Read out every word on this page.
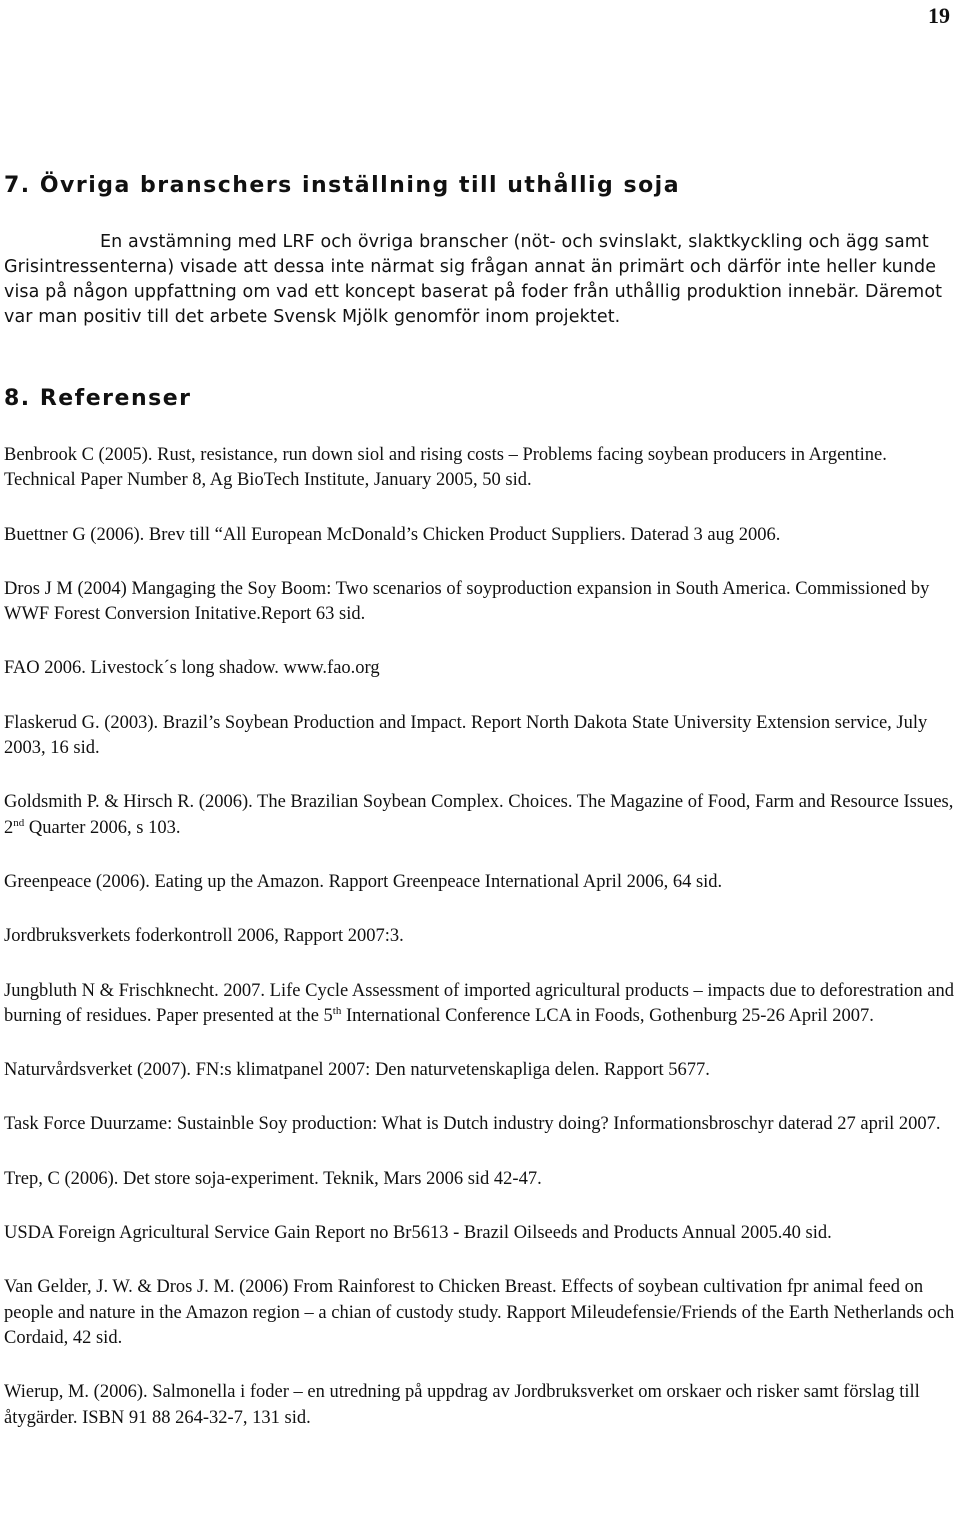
19
7. Övriga branschers inställning till uthållig soja

En avstämning med LRF och övriga branscher (nöt- och svinslakt, slaktkyckling och ägg samt Grisintressenterna) visade att dessa inte närmat sig frågan annat än primärt och därför inte heller kunde visa på någon uppfattning om vad ett koncept baserat på foder från uthållig produktion innebär. Däremot var man positiv till det arbete Svensk Mjölk genomför inom projektet.

8. Referenser
Benbrook C (2005). Rust, resistance, run down siol and rising costs – Problems facing soybean producers in Argentine. Technical Paper Number 8, Ag BioTech Institute, January 2005, 50 sid.
Buettner G (2006). Brev till “All European McDonald’s Chicken Product Suppliers. Daterad 3 aug 2006.
Dros J M (2004) Mangaging the Soy Boom: Two scenarios of soyproduction expansion in South America. Commissioned by WWF Forest Conversion Initative.Report 63 sid.
FAO 2006. Livestock´s long shadow. www.fao.org
Flaskerud G. (2003). Brazil’s Soybean Production and Impact. Report North Dakota State University Extension service, July 2003, 16 sid.
Goldsmith P. & Hirsch R. (2006). The Brazilian Soybean Complex. Choices. The Magazine of Food, Farm and Resource Issues, 2nd Quarter 2006, s 103.
Greenpeace (2006). Eating up the Amazon. Rapport Greenpeace International April 2006, 64 sid.
Jordbruksverkets foderkontroll 2006, Rapport 2007:3.
Jungbluth N & Frischknecht. 2007. Life Cycle Assessment of imported agricultural products – impacts due to deforestration and burning of residues. Paper presented at the 5th International Conference LCA in Foods, Gothenburg 25-26 April 2007.
Naturvårdsverket (2007). FN:s klimatpanel 2007: Den naturvetenskapliga delen. Rapport 5677.
Task Force Duurzame: Sustainble Soy production: What is Dutch industry doing? Informationsbroschyr daterad 27 april 2007.
Trep, C (2006). Det store soja-experiment. Teknik, Mars 2006 sid 42-47.
USDA Foreign Agricultural Service Gain Report no Br5613 - Brazil Oilseeds and Products Annual 2005.40 sid.
Van Gelder, J. W. & Dros J. M. (2006) From Rainforest to Chicken Breast. Effects of soybean cultivation fpr animal feed on people and nature in the Amazon region – a chian of custody study. Rapport Mileudefensie/Friends of the Earth Netherlands och Cordaid, 42 sid.
Wierup, M. (2006). Salmonella i foder – en utredning på uppdrag av Jordbruksverket om orskaer och risker samt förslag till åtygärder. ISBN 91 88 264-32-7, 131 sid.
